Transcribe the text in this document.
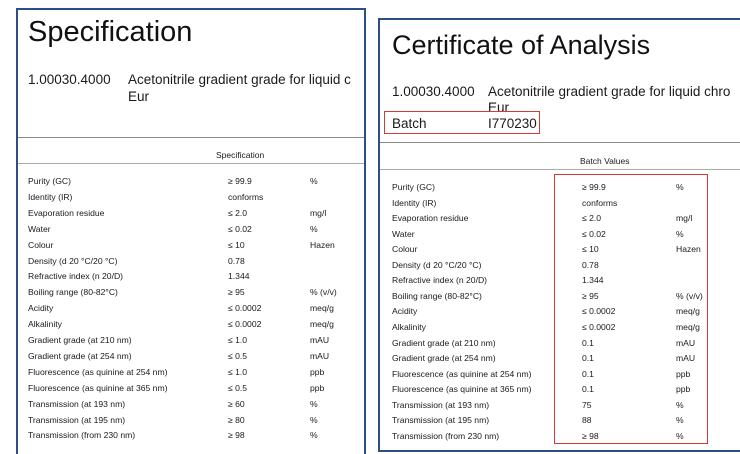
Specification
1.00030.4000 Acetonitrile gradient grade for liquid c
Eur
Specification
Purity (GC)	≥ 99.9	%
Identity (IR)	conforms
Evaporation residue	≤ 2.0	mg/l
Water	≤ 0.02	%
Colour	≤ 10	Hazen
Density (d 20 °C/20 °C)	0.78
Refractive index (n 20/D)	1.344
Boiling range (80-82°C)	≥ 95	% (v/v)
Acidity	≤ 0.0002	meq/g
Alkalinity	≤ 0.0002	meq/g
Gradient grade (at 210 nm)	≤ 1.0	mAU
Gradient grade (at 254 nm)	≤ 0.5	mAU
Fluorescence (as quinine at 254 nm)	≤ 1.0	ppb
Fluorescence (as quinine at 365 nm)	≤ 0.5	ppb
Transmission (at 193 nm)	≥ 60	%
Transmission (at 195 nm)	≥ 80	%
Transmission (from 230 nm)	≥ 98	%
Certificate of Analysis
1.00030.4000 Acetonitrile gradient grade for liquid chro
Eur
Batch	I770230
Batch Values
Purity (GC)	≥ 99.9	%
Identity (IR)	conforms
Evaporation residue	≤ 2.0	mg/l
Water	≤ 0.02	%
Colour	≤ 10	Hazen
Density (d 20 °C/20 °C)	0.78
Refractive index (n 20/D)	1.344
Boiling range (80-82°C)	≥ 95	% (v/v)
Acidity	≤ 0.0002	meq/g
Alkalinity	≤ 0.0002	meq/g
Gradient grade (at 210 nm)	0.1	mAU
Gradient grade (at 254 nm)	0.1	mAU
Fluorescence (as quinine at 254 nm)	0.1	ppb
Fluorescence (as quinine at 365 nm)	0.1	ppb
Transmission (at 193 nm)	75	%
Transmission (at 195 nm)	88	%
Transmission (from 230 nm)	≥ 98	%
